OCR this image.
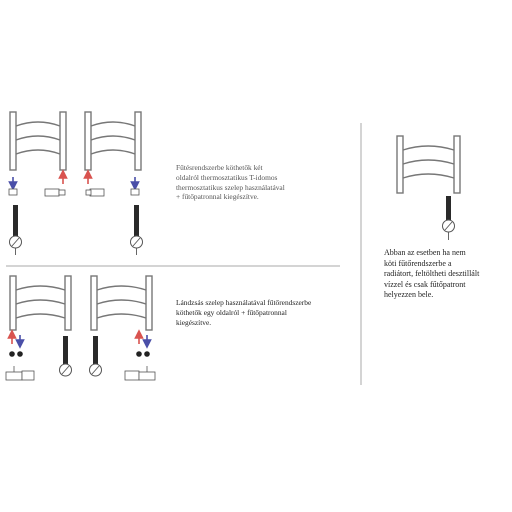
Fűtésrendszerbe köthetők két
oldalról thermosztatikus T-idomos
thermosztatikus szelep használatával
+ fűtőpatronnal kiegészítve.
Lándzsás szelep használatával fűtőrendszerbe
köthetők egy oldalról + fűtőpatronnal
kiegészítve.
Abban az esetben ha nem
köti fűtőrendszerbe a
radiátort, feltöltheti desztillált
vízzel és csak fűtőpatront
helyezzen bele.
